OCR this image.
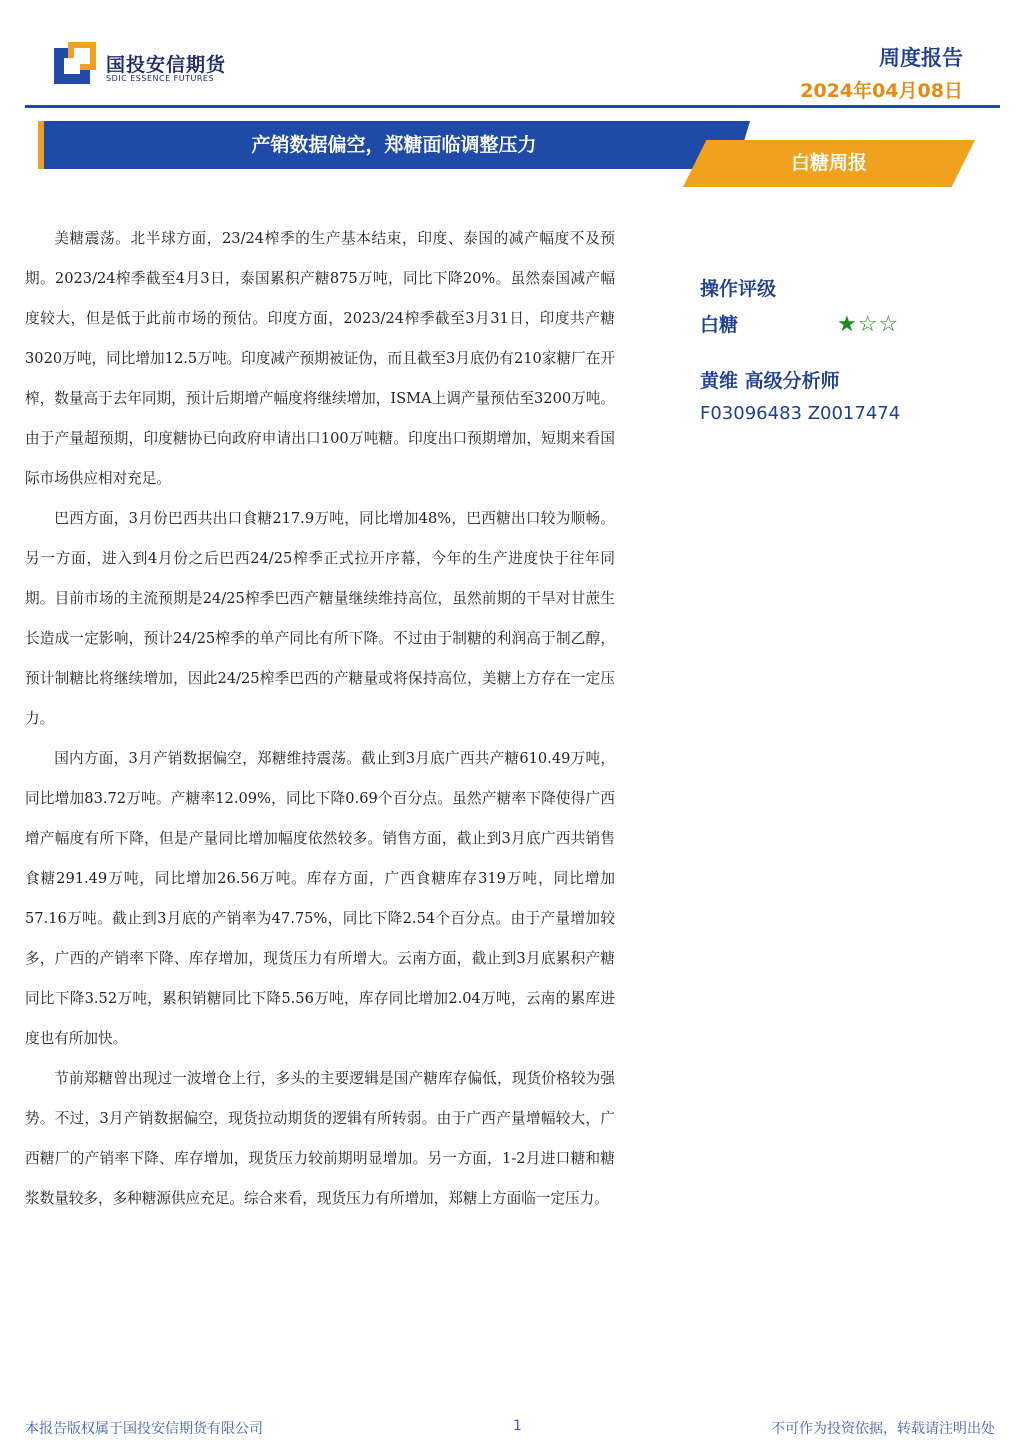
国投安信期货
SDIC ESSENCE FUTURES
周度报告
2024年04月08日
产销数据偏空，郑糖面临调整压力
白糖周报

美糖震荡。北半球方面，23/24榨季的生产基本结束，印度、泰国的减产幅度不及预期。2023/24榨季截至4月3日，泰国累积产糖875万吨，同比下降20%。虽然泰国减产幅度较大，但是低于此前市场的预估。印度方面，2023/24榨季截至3月31日，印度共产糖3020万吨，同比增加12.5万吨。印度减产预期被证伪，而且截至3月底仍有210家糖厂在开榨，数量高于去年同期，预计后期增产幅度将继续增加，ISMA上调产量预估至3200万吨。由于产量超预期，印度糖协已向政府申请出口100万吨糖。印度出口预期增加，短期来看国际市场供应相对充足。

巴西方面，3月份巴西共出口食糖217.9万吨，同比增加48%，巴西糖出口较为顺畅。另一方面，进入到4月份之后巴西24/25榨季正式拉开序幕，今年的生产进度快于往年同期。目前市场的主流预期是24/25榨季巴西产糖量继续维持高位，虽然前期的干旱对甘蔗生长造成一定影响，预计24/25榨季的单产同比有所下降。不过由于制糖的利润高于制乙醇，预计制糖比将继续增加，因此24/25榨季巴西的产糖量或将保持高位，美糖上方存在一定压力。

国内方面，3月产销数据偏空，郑糖维持震荡。截止到3月底广西共产糖610.49万吨，同比增加83.72万吨。产糖率12.09%，同比下降0.69个百分点。虽然产糖率下降使得广西增产幅度有所下降，但是产量同比增加幅度依然较多。销售方面，截止到3月底广西共销售食糖291.49万吨，同比增加26.56万吨。库存方面，广西食糖库存319万吨，同比增加57.16万吨。截止到3月底的产销率为47.75%，同比下降2.54个百分点。由于产量增加较多，广西的产销率下降、库存增加，现货压力有所增大。云南方面，截止到3月底累积产糖同比下降3.52万吨，累积销糖同比下降5.56万吨，库存同比增加2.04万吨，云南的累库进度也有所加快。

节前郑糖曾出现过一波增仓上行，多头的主要逻辑是国产糖库存偏低，现货价格较为强势。不过，3月产销数据偏空，现货拉动期货的逻辑有所转弱。由于广西产量增幅较大，广西糖厂的产销率下降、库存增加，现货压力较前期明显增加。另一方面，1-2月进口糖和糖浆数量较多，多种糖源供应充足。综合来看，现货压力有所增加，郑糖上方面临一定压力。

操作评级
白糖	★☆☆
黄维 高级分析师
F03096483 Z0017474
本报告版权属于国投安信期货有限公司	1	不可作为投资依据，转载请注明出处
